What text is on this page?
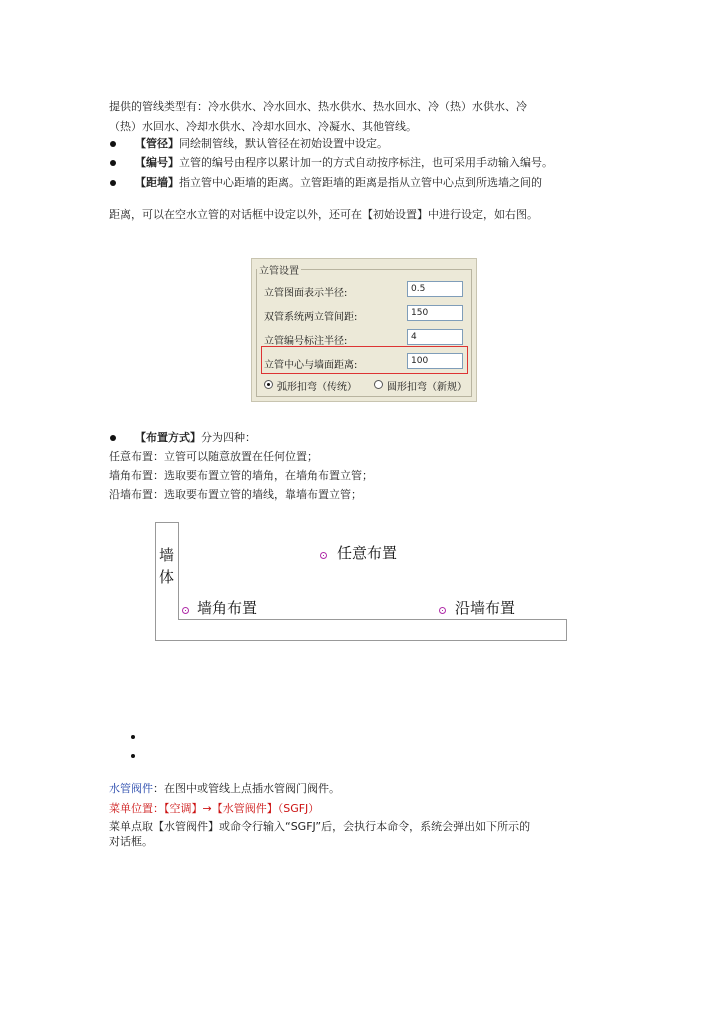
提供的管线类型有：冷水供水、冷水回水、热水供水、热水回水、冷（热）水供水、冷
（热）水回水、冷却水供水、冷却水回水、冷凝水、其他管线。
【管径】同绘制管线，默认管径在初始设置中设定。
【编号】立管的编号由程序以累计加一的方式自动按序标注，也可采用手动输入编号。
【距墙】指立管中心距墙的距离。立管距墙的距离是指从立管中心点到所选墙之间的
距离，可以在空水立管的对话框中设定以外，还可在【初始设置】中进行设定，如右图。
立管设置
立管图面表示半径:	0.5
双管系统两立管间距:	150
立管编号标注半径:	4
立管中心与墙面距离:	100
弧形扣弯（传统）	圆形扣弯（新规）
【布置方式】分为四种：
任意布置：立管可以随意放置在任何位置；
墙角布置：选取要布置立管的墙角，在墙角布置立管；
沿墙布置：选取要布置立管的墙线，靠墙布置立管；
墙
体
任意布置
墙角布置	沿墙布置
水管阀件：在图中或管线上点插水管阀门阀件。
菜单位置：【空调】→【水管阀件】（SGFJ）
菜单点取【水管阀件】或命令行输入“SGFJ”后，会执行本命令，系统会弹出如下所示的
对话框。
